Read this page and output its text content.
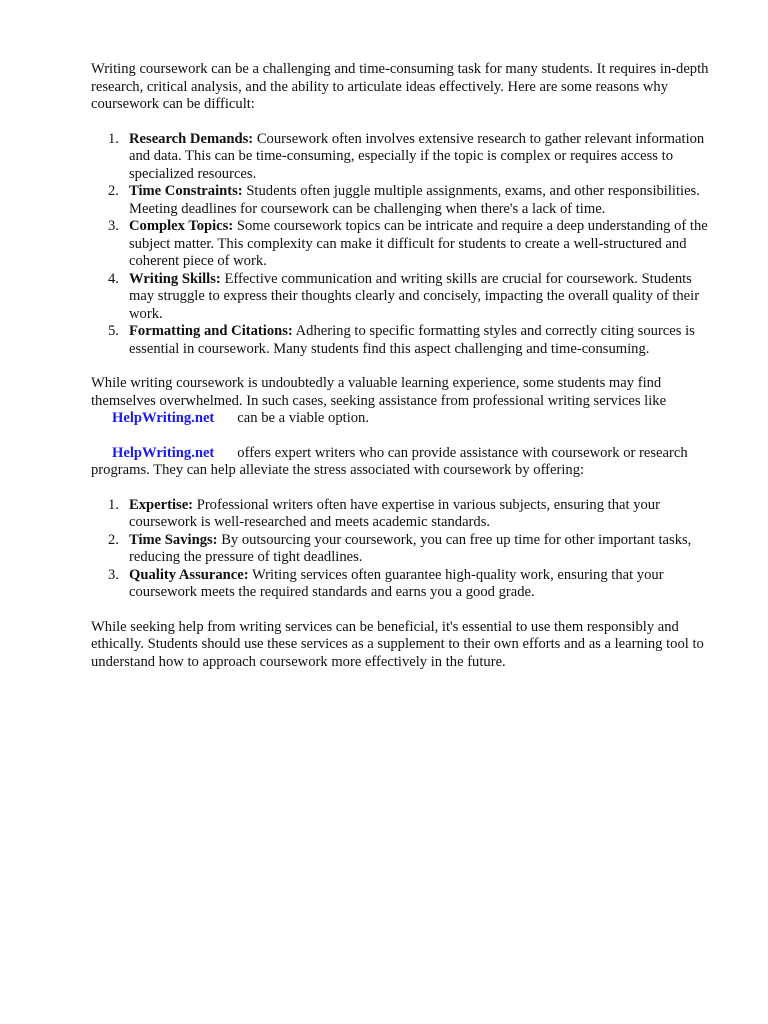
Writing coursework can be a challenging and time-consuming task for many students. It requires in-depth research, critical analysis, and the ability to articulate ideas effectively. Here are some reasons why coursework can be difficult:

1. Research Demands: Coursework often involves extensive research to gather relevant information and data. This can be time-consuming, especially if the topic is complex or requires access to specialized resources.
2. Time Constraints: Students often juggle multiple assignments, exams, and other responsibilities. Meeting deadlines for coursework can be challenging when there's a lack of time.
3. Complex Topics: Some coursework topics can be intricate and require a deep understanding of the subject matter. This complexity can make it difficult for students to create a well-structured and coherent piece of work.
4. Writing Skills: Effective communication and writing skills are crucial for coursework. Students may struggle to express their thoughts clearly and concisely, impacting the overall quality of their work.
5. Formatting and Citations: Adhering to specific formatting styles and correctly citing sources is essential in coursework. Many students find this aspect challenging and time-consuming.

While writing coursework is undoubtedly a valuable learning experience, some students may find themselves overwhelmed. In such cases, seeking assistance from professional writing services like
HelpWriting.net can be a viable option.

HelpWriting.net offers expert writers who can provide assistance with coursework or research programs. They can help alleviate the stress associated with coursework by offering:

1. Expertise: Professional writers often have expertise in various subjects, ensuring that your coursework is well-researched and meets academic standards.
2. Time Savings: By outsourcing your coursework, you can free up time for other important tasks, reducing the pressure of tight deadlines.
3. Quality Assurance: Writing services often guarantee high-quality work, ensuring that your coursework meets the required standards and earns you a good grade.

While seeking help from writing services can be beneficial, it's essential to use them responsibly and ethically. Students should use these services as a supplement to their own efforts and as a learning tool to understand how to approach coursework more effectively in the future.
